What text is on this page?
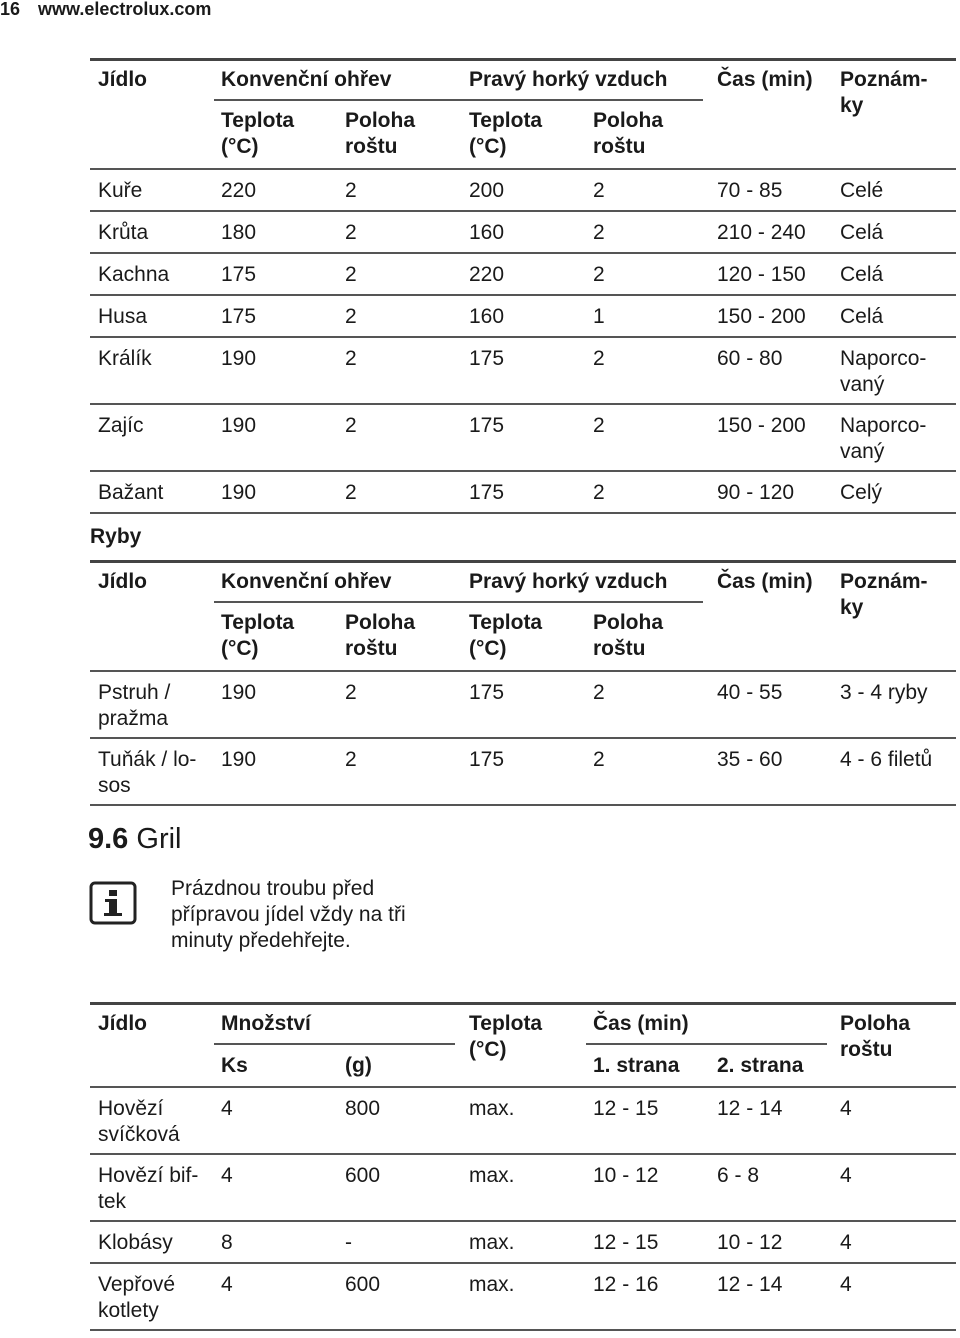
16 www.electrolux.com
Jídlo	Konvenční ohřev	Pravý horký vzduch Čas (min) Poznám-
ky
Teplota
(°C)
Poloha
roštu
Teplota
(°C)
Poloha
roštu
Kuře	220	2	200	2	70 - 85	Celé
Krůta	180	2	160	2	210 - 240 Celá
Kachna 175	2	220	2	120 - 150 Celá
Husa	175	2	160	1	150 - 200 Celá
Králík	190	2	175	2	60 - 80	Naporco-
vaný
Zajíc	190	2	175	2	150 - 200 Naporco-
vaný
Bažant	190	2	175	2	90 - 120 Celý
Ryby
Jídlo	Konvenční ohřev	Pravý horký vzduch Čas (min) Poznám-
ky
Teplota
(°C)
Poloha
roštu
Teplota
(°C)
Poloha
roštu
Pstruh /
pražma
190	2	175	2	40 - 55	3 - 4 ryby
Tuňák / lo-
sos
190	2	175	2	35 - 60	4 - 6 filetů
9.6 Gril
Prázdnou troubu před
přípravou jídel vždy na tři
minuty předehřejte.
Jídlo	Množství	Teplota
(°C)
Čas (min)	Poloha
roštu
Ks	(g)	1. strana 2. strana
Hovězí
svíčková
4	800	max.	12 - 15	12 - 14	4
Hovězí bif-
tek
4	600	max.	10 - 12	6 - 8	4
Klobásy 8	-	max.	12 - 15	10 - 12	4
Vepřové
kotlety
4	600	max.	12 - 16	12 - 14	4
